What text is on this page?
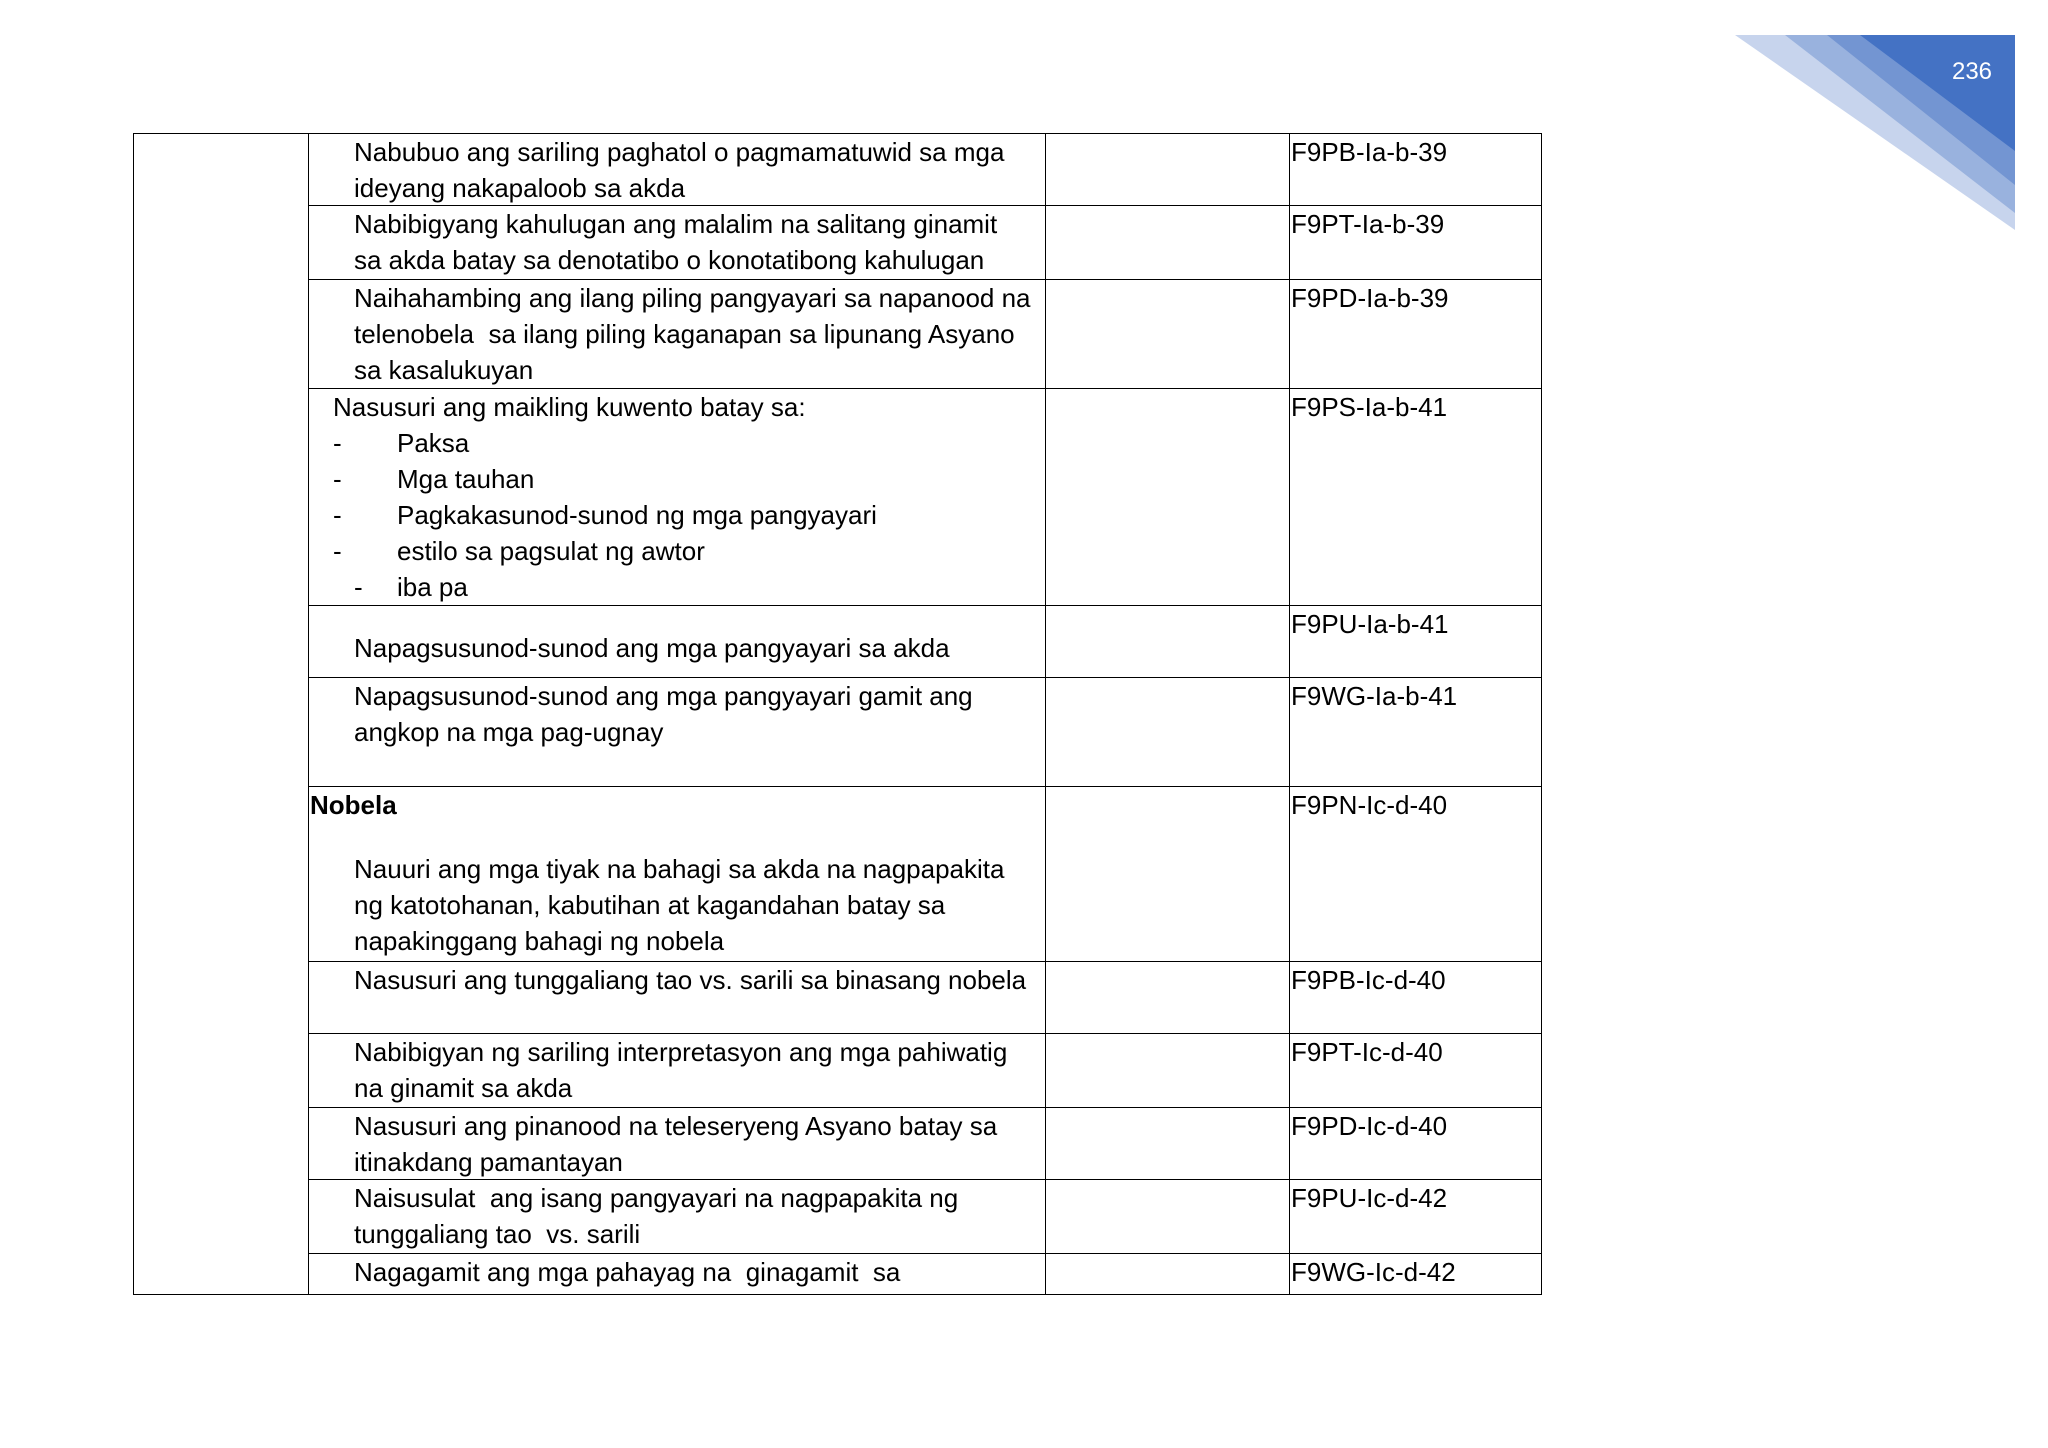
236
Nabubuo ang sariling paghatol o pagmamatuwid sa mga
ideyang nakapaloob sa akda
F9PB-Ia-b-39
Nabibigyang kahulugan ang malalim na salitang ginamit
sa akda batay sa denotatibo o konotatibong kahulugan
F9PT-Ia-b-39
Naihahambing ang ilang piling pangyayari sa napanood na
telenobela  sa ilang piling kaganapan sa lipunang Asyano
sa kasalukuyan
F9PD-Ia-b-39
Nasusuri ang maikling kuwento batay sa:
-	Paksa
-	Mga tauhan
-	Pagkakasunod-sunod ng mga pangyayari
-	estilo sa pagsulat ng awtor
-	iba pa
F9PS-Ia-b-41
Napagsusunod-sunod ang mga pangyayari sa akda
F9PU-Ia-b-41
Napagsusunod-sunod ang mga pangyayari gamit ang
angkop na mga pag-ugnay
F9WG-Ia-b-41
Nobela
Nauuri ang mga tiyak na bahagi sa akda na nagpapakita
ng katotohanan, kabutihan at kagandahan batay sa
napakinggang bahagi ng nobela
F9PN-Ic-d-40
Nasusuri ang tunggaliang tao vs. sarili sa binasang nobela	F9PB-Ic-d-40
Nabibigyan ng sariling interpretasyon ang mga pahiwatig
na ginamit sa akda
F9PT-Ic-d-40
Nasusuri ang pinanood na teleseryeng Asyano batay sa
itinakdang pamantayan
F9PD-Ic-d-40
Naisusulat  ang isang pangyayari na nagpapakita ng
tunggaliang tao  vs. sarili
F9PU-Ic-d-42
Nagagamit ang mga pahayag na  ginagamit  sa	F9WG-Ic-d-42
